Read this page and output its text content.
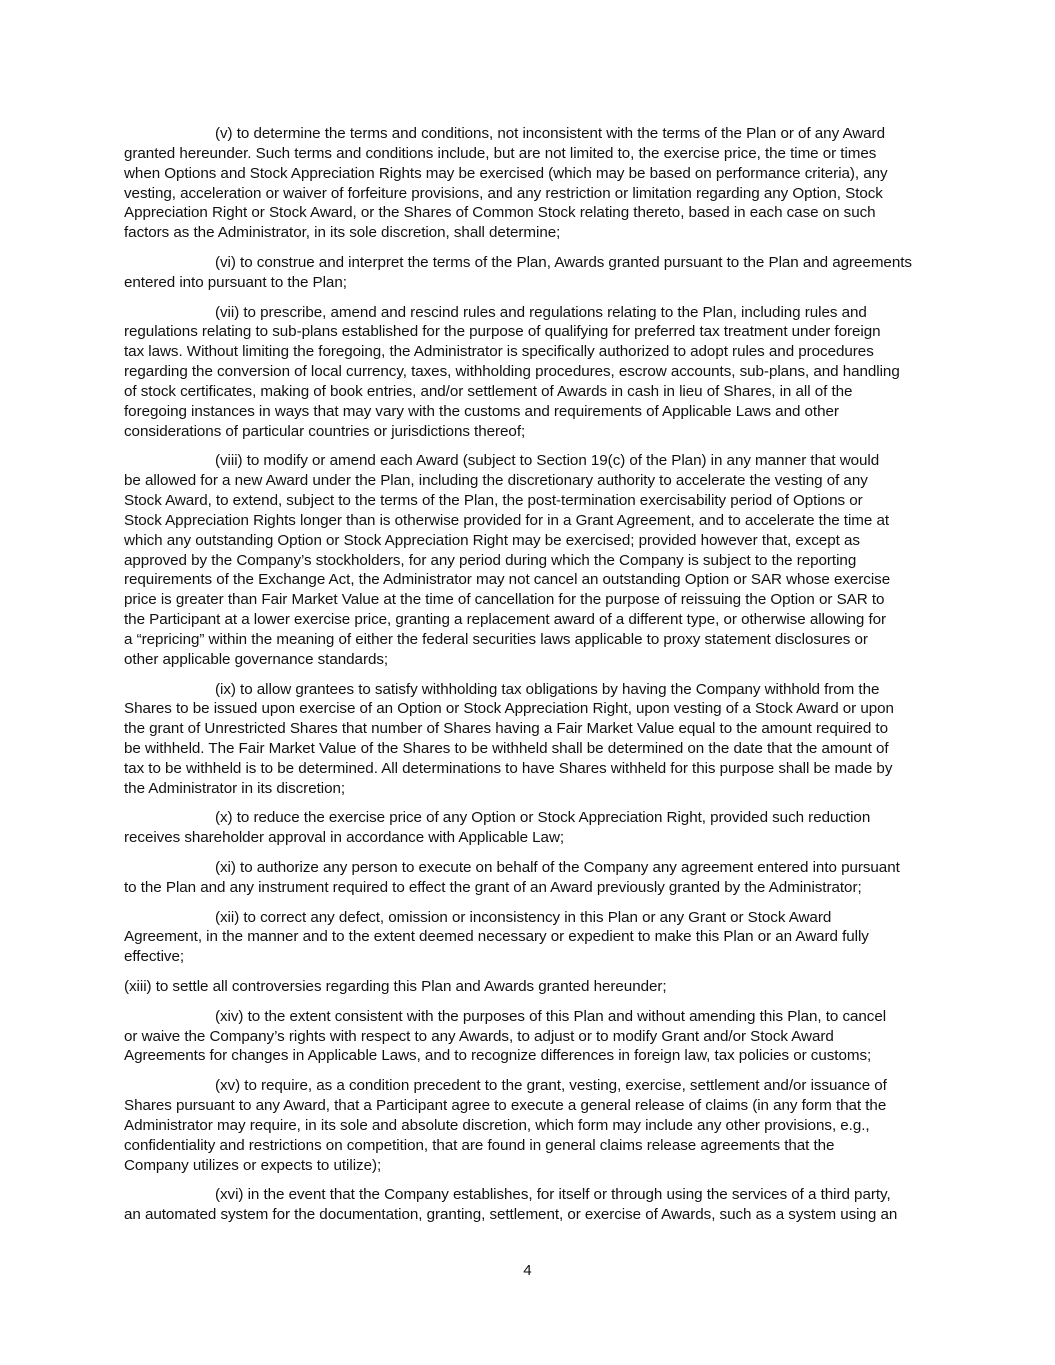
(v) to determine the terms and conditions, not inconsistent with the terms of the Plan or of any Award
granted hereunder. Such terms and conditions include, but are not limited to, the exercise price, the time or times
when Options and Stock Appreciation Rights may be exercised (which may be based on performance criteria), any
vesting, acceleration or waiver of forfeiture provisions, and any restriction or limitation regarding any Option, Stock
Appreciation Right or Stock Award, or the Shares of Common Stock relating thereto, based in each case on such
factors as the Administrator, in its sole discretion, shall determine;

(vi) to construe and interpret the terms of the Plan, Awards granted pursuant to the Plan and agreements
entered into pursuant to the Plan;

(vii) to prescribe, amend and rescind rules and regulations relating to the Plan, including rules and
regulations relating to sub-plans established for the purpose of qualifying for preferred tax treatment under foreign
tax laws. Without limiting the foregoing, the Administrator is specifically authorized to adopt rules and procedures
regarding the conversion of local currency, taxes, withholding procedures, escrow accounts, sub-plans, and handling
of stock certificates, making of book entries, and/or settlement of Awards in cash in lieu of Shares, in all of the
foregoing instances in ways that may vary with the customs and requirements of Applicable Laws and other
considerations of particular countries or jurisdictions thereof;

(viii) to modify or amend each Award (subject to Section 19(c) of the Plan) in any manner that would
be allowed for a new Award under the Plan, including the discretionary authority to accelerate the vesting of any
Stock Award, to extend, subject to the terms of the Plan, the post-termination exercisability period of Options or
Stock Appreciation Rights longer than is otherwise provided for in a Grant Agreement, and to accelerate the time at
which any outstanding Option or Stock Appreciation Right may be exercised; provided however that, except as
approved by the Company’s stockholders, for any period during which the Company is subject to the reporting
requirements of the Exchange Act, the Administrator may not cancel an outstanding Option or SAR whose exercise
price is greater than Fair Market Value at the time of cancellation for the purpose of reissuing the Option or SAR to
the Participant at a lower exercise price, granting a replacement award of a different type, or otherwise allowing for
a “repricing” within the meaning of either the federal securities laws applicable to proxy statement disclosures or
other applicable governance standards;

(ix) to allow grantees to satisfy withholding tax obligations by having the Company withhold from the
Shares to be issued upon exercise of an Option or Stock Appreciation Right, upon vesting of a Stock Award or upon
the grant of Unrestricted Shares that number of Shares having a Fair Market Value equal to the amount required to
be withheld. The Fair Market Value of the Shares to be withheld shall be determined on the date that the amount of
tax to be withheld is to be determined. All determinations to have Shares withheld for this purpose shall be made by
the Administrator in its discretion;

(x) to reduce the exercise price of any Option or Stock Appreciation Right, provided such reduction
receives shareholder approval in accordance with Applicable Law;

(xi) to authorize any person to execute on behalf of the Company any agreement entered into pursuant
to the Plan and any instrument required to effect the grant of an Award previously granted by the Administrator;

(xii) to correct any defect, omission or inconsistency in this Plan or any Grant or Stock Award
Agreement, in the manner and to the extent deemed necessary or expedient to make this Plan or an Award fully
effective;

(xiii) to settle all controversies regarding this Plan and Awards granted hereunder;

(xiv) to the extent consistent with the purposes of this Plan and without amending this Plan, to cancel
or waive the Company’s rights with respect to any Awards, to adjust or to modify Grant and/or Stock Award
Agreements for changes in Applicable Laws, and to recognize differences in foreign law, tax policies or customs;

(xv) to require, as a condition precedent to the grant, vesting, exercise, settlement and/or issuance of
Shares pursuant to any Award, that a Participant agree to execute a general release of claims (in any form that the
Administrator may require, in its sole and absolute discretion, which form may include any other provisions, e.g.,
confidentiality and restrictions on competition, that are found in general claims release agreements that the
Company utilizes or expects to utilize);

(xvi) in the event that the Company establishes, for itself or through using the services of a third party,
an automated system for the documentation, granting, settlement, or exercise of Awards, such as a system using an

4
